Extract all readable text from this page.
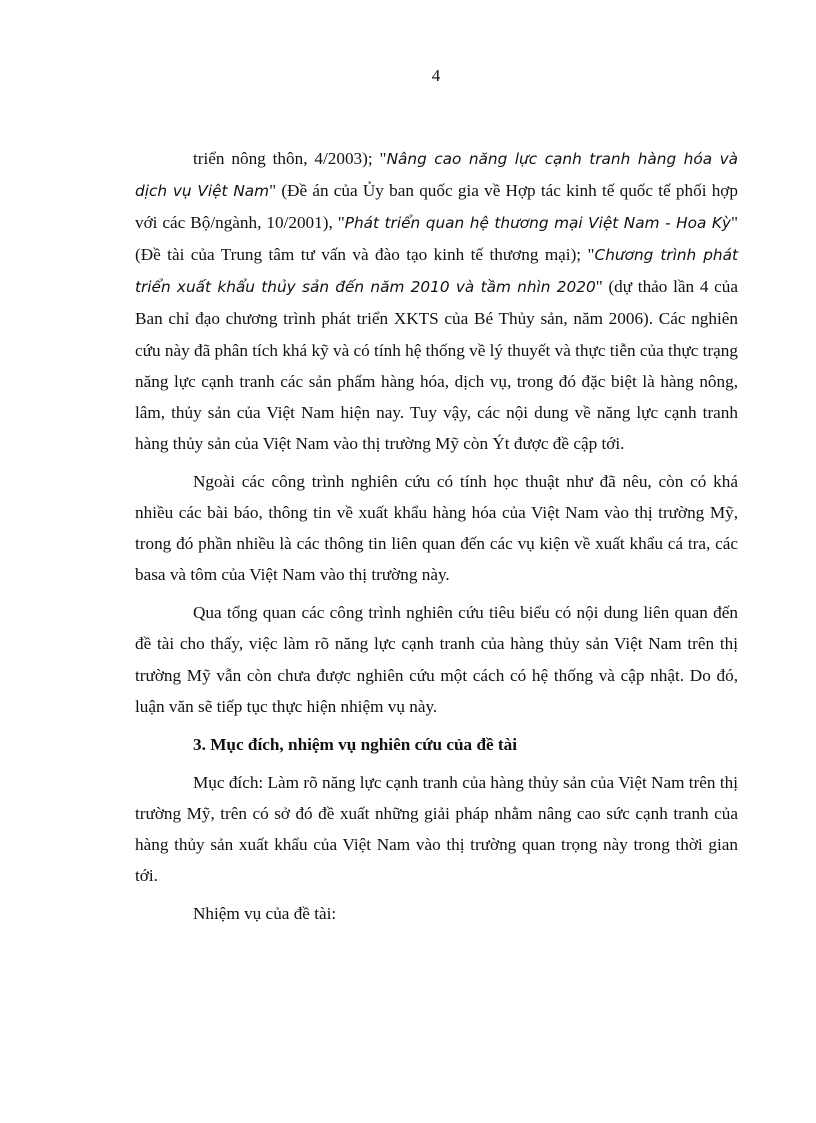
4

triển nông thôn, 4/2003); "Nâng cao năng lực cạnh tranh hàng hóa và dịch vụ Việt Nam" (Đề án của Ủy ban quốc gia về Hợp tác kinh tế quốc tế phối hợp với các Bộ/ngành, 10/2001), "Phát triển quan hệ thương mại Việt Nam - Hoa Kỳ" (Đề tài của Trung tâm tư vấn và đào tạo kinh tế thương mại); "Chương trình phát triển xuất khẩu thủy sản đến năm 2010 và tầm nhìn 2020" (dự thảo lần 4 của Ban chỉ đạo chương trình phát triển XKTS của Bé Thủy sản, năm 2006). Các nghiên cứu này đã phân tích khá kỹ và có tính hệ thống về lý thuyết và thực tiễn của thực trạng năng lực cạnh tranh các sản phẩm hàng hóa, dịch vụ, trong đó đặc biệt là hàng nông, lâm, thủy sản của Việt Nam hiện nay. Tuy vậy, các nội dung về năng lực cạnh tranh hàng thủy sản của Việt Nam vào thị trường Mỹ còn Ýt được đề cập tới.

Ngoài các công trình nghiên cứu có tính học thuật như đã nêu, còn có khá nhiều các bài báo, thông tin về xuất khẩu hàng hóa của Việt Nam vào thị trường Mỹ, trong đó phần nhiều là các thông tin liên quan đến các vụ kiện về xuất khẩu cá tra, các basa và tôm của Việt Nam vào thị trường này.

Qua tổng quan các công trình nghiên cứu tiêu biểu có nội dung liên quan đến đề tài cho thấy, việc làm rõ năng lực cạnh tranh của hàng thủy sản Việt Nam trên thị trường Mỹ vẫn còn chưa được nghiên cứu một cách có hệ thống và cập nhật. Do đó, luận văn sẽ tiếp tục thực hiện nhiệm vụ này.

3. Mục đích, nhiệm vụ nghiên cứu của đề tài

Mục đích: Làm rõ năng lực cạnh tranh của hàng thủy sản của Việt Nam trên thị trường Mỹ, trên có sở đó đề xuất những giải pháp nhằm nâng cao sức cạnh tranh của hàng thủy sản xuất khẩu của Việt Nam vào thị trường quan trọng này trong thời gian tới.

Nhiệm vụ của đề tài:
